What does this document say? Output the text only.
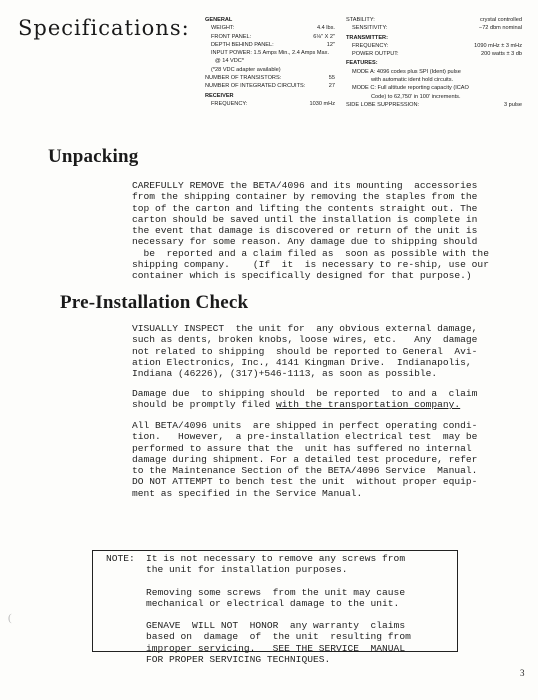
Specifications:	GENERAL
WEIGHT:	4.4 lbs.
FRONT PANEL:	6⅛" X 2"
DEPTH BEHIND PANEL:	12"
INPUT POWER: 1.5 Amps Min., 2.4 Amps Max.
@ 14 VDC*
(*28 VDC adapter available)
NUMBER OF TRANSISTORS:	55
NUMBER OF INTEGRATED CIRCUITS:	27
RECEIVER
FREQUENCY:	1030 mHz
STABILITY:	crystal controlled
SENSITIVITY:	−72 dbm nominal
TRANSMITTER:
FREQUENCY:	1090 mHz ± 3 mHz
POWER OUTPUT:	200 watts ± 3 db
FEATURES:
MODE A: 4096 codes plus SPI (Ident) pulse
with automatic ident hold circuits.
MODE C: Full altitude reporting capacity (ICAO
Code) to 62,750' in 100' increments.
SIDE LOBE SUPPRESSION:	3 pulse
Unpacking
CAREFULLY REMOVE the BETA/4096 and its mounting  accessories
from the shipping container by removing the staples from the
top of the carton and lifting the contents straight out. The
carton should be saved until the installation is complete in
the event that damage is discovered or return of the unit is
necessary for some reason. Any damage due to shipping should
be  reported and a claim filed as  soon as possible with the
shipping company.    (If  it  is necessary to re-ship, use our
container which is specifically designed for that purpose.)
Pre-Installation Check
VISUALLY INSPECT  the unit for  any obvious external damage,
such as dents, broken knobs, loose wires, etc.   Any  damage
not related to shipping  should be reported to General  Avi-
ation Electronics, Inc., 4141 Kingman Drive.  Indianapolis,
Indiana (46226), (317)+546-1113, as soon as possible.
Damage due  to shipping should  be reported  to and a  claim
should be promptly filed with the transportation company.
All BETA/4096 units  are shipped in perfect operating condi-
tion.   However,  a pre-installation electrical test  may be
performed to assure that the  unit has suffered no internal
damage during shipment. For a detailed test procedure, refer
to the Maintenance Section of the BETA/4096 Service  Manual.
DO NOT ATTEMPT to bench test the unit  without proper equip-
ment as specified in the Service Manual.
NOTE:	It is not necessary to remove any screws from
the unit for installation purposes.
Removing some screws  from the unit may cause
mechanical or electrical damage to the unit.
GENAVE  WILL NOT  HONOR  any warranty  claims
based on  damage  of  the unit  resulting from
improper servicing.   SEE THE SERVICE  MANUAL
FOR PROPER SERVICING TECHNIQUES.
3
(
